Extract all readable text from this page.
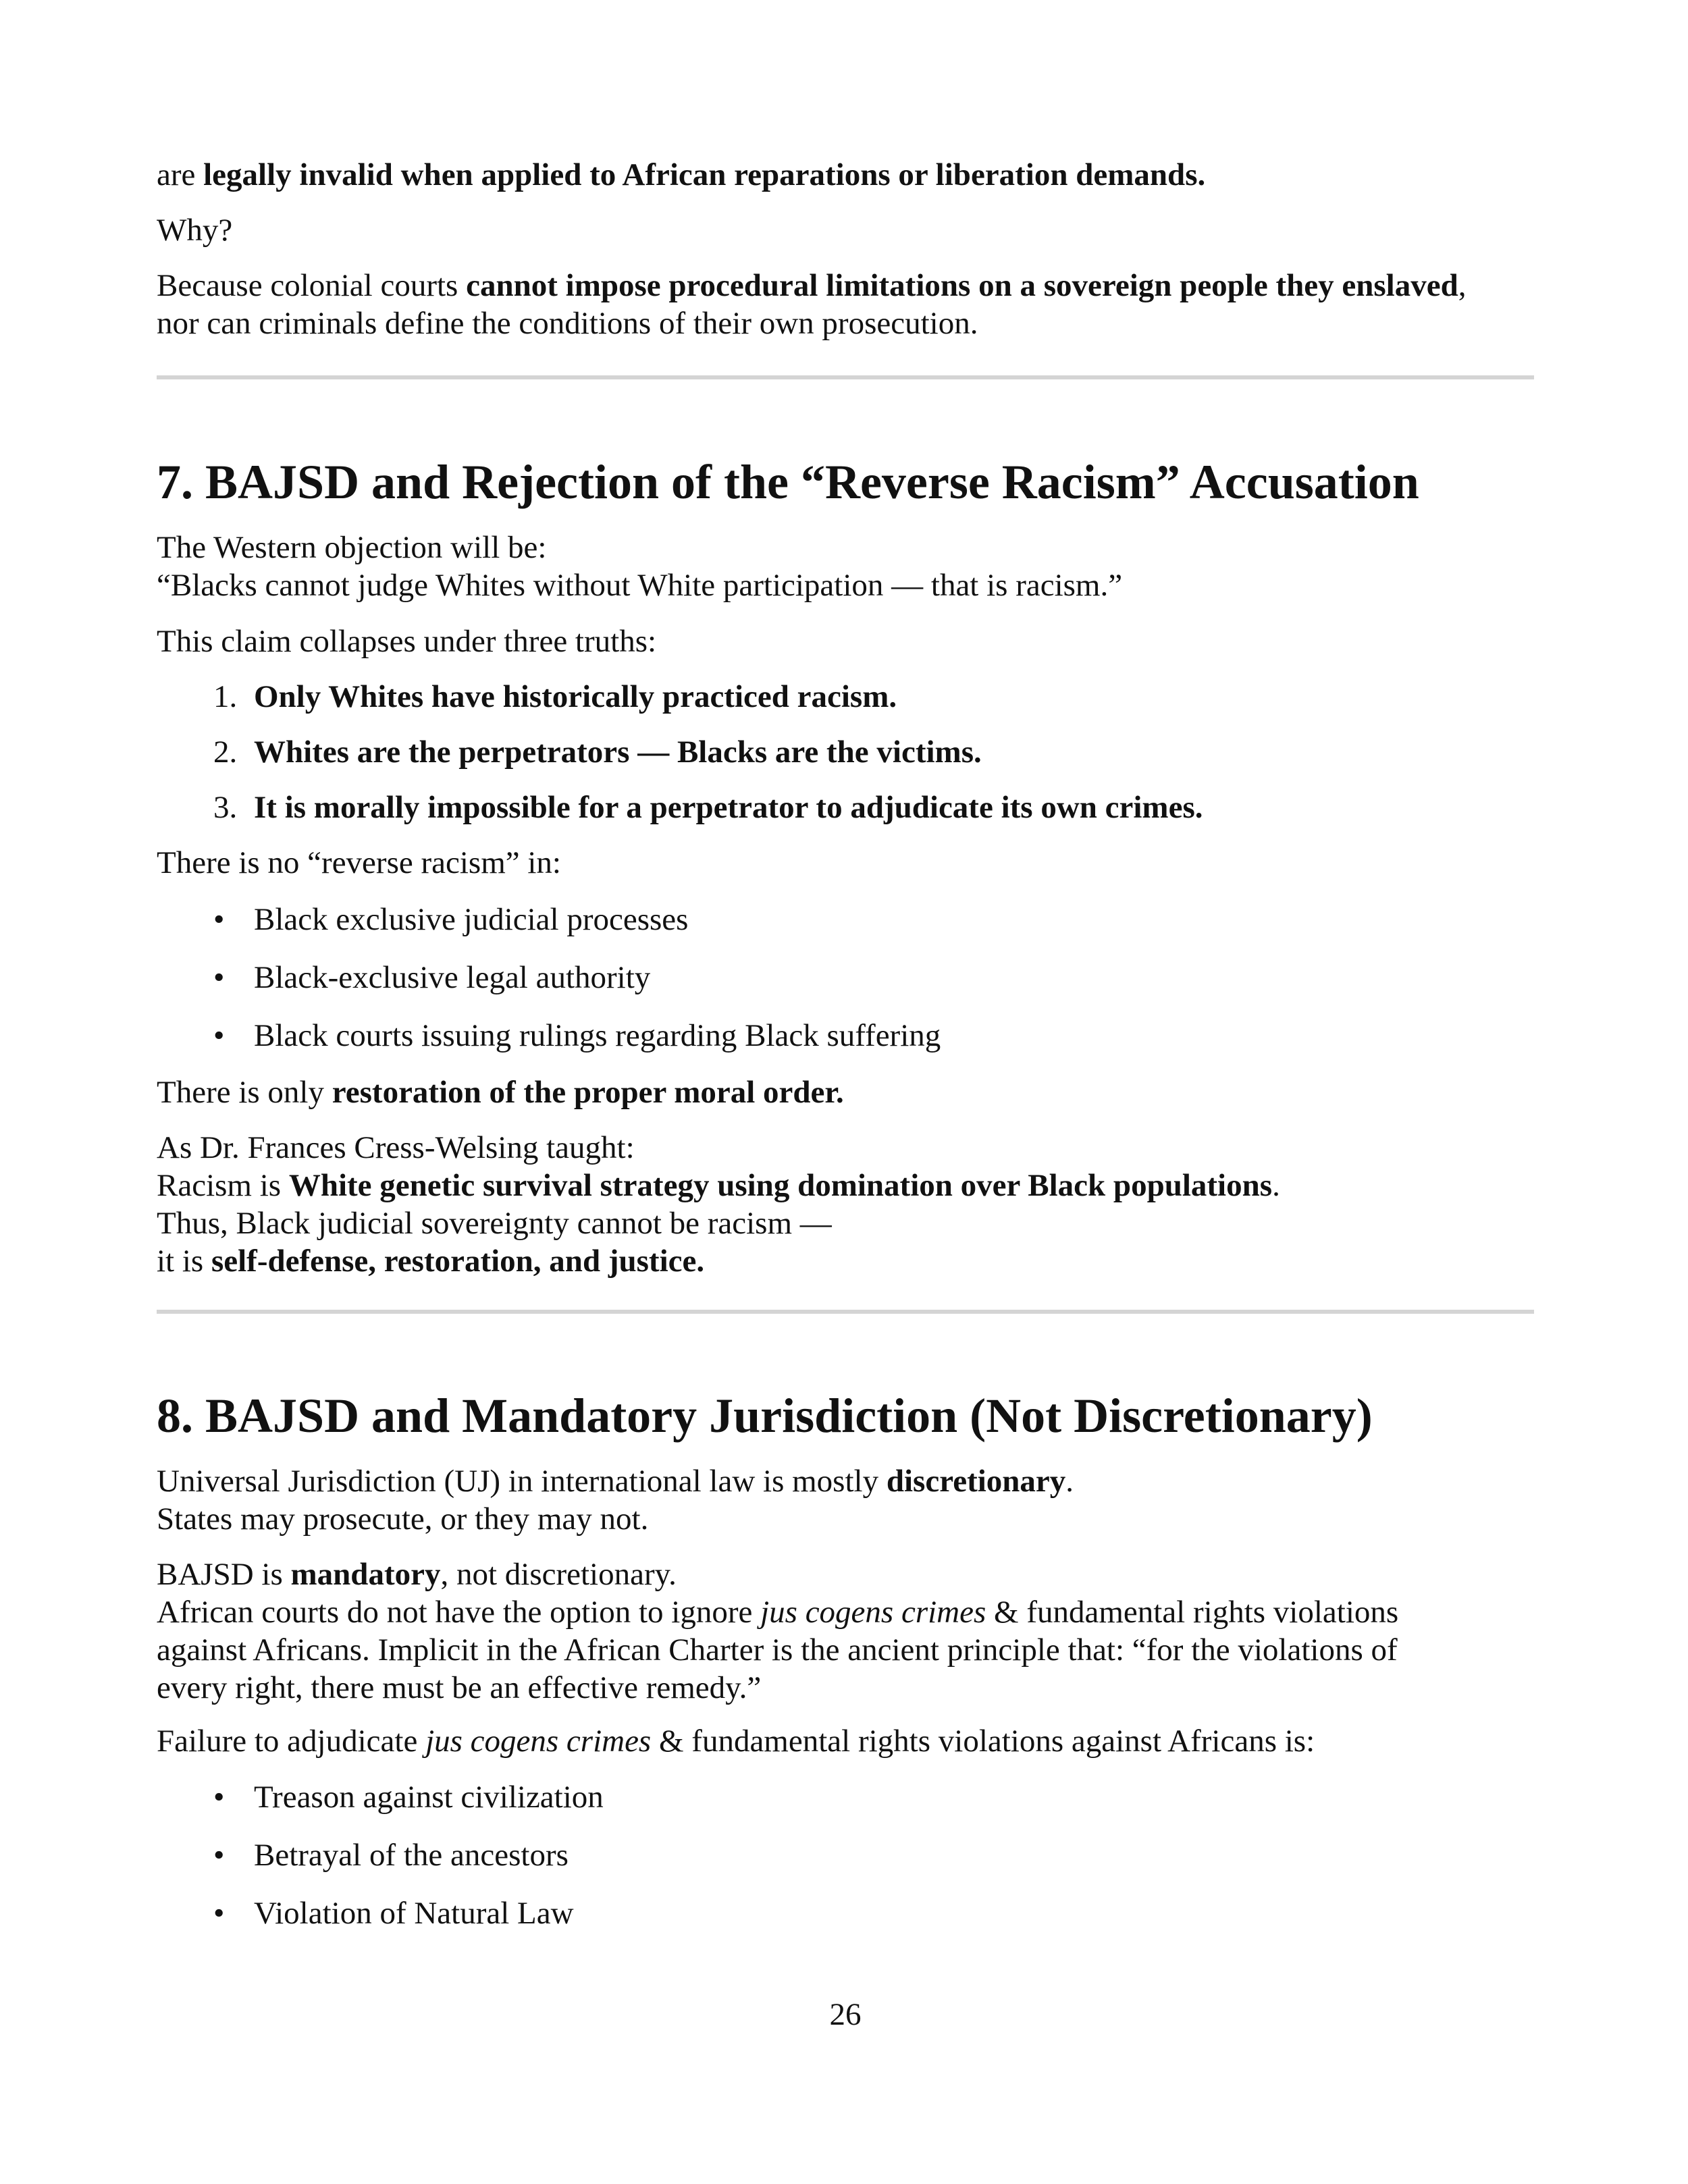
are legally invalid when applied to African reparations or liberation demands.

Why?

Because colonial courts cannot impose procedural limitations on a sovereign people they enslaved,
nor can criminals define the conditions of their own prosecution.

7. BAJSD and Rejection of the “Reverse Racism” Accusation

The Western objection will be:
“Blacks cannot judge Whites without White participation — that is racism.”

This claim collapses under three truths:

1. Only Whites have historically practiced racism.
2. Whites are the perpetrators — Blacks are the victims.
3. It is morally impossible for a perpetrator to adjudicate its own crimes.

There is no “reverse racism” in:

• Black exclusive judicial processes
• Black-exclusive legal authority
• Black courts issuing rulings regarding Black suffering

There is only restoration of the proper moral order.

As Dr. Frances Cress-Welsing taught:
Racism is White genetic survival strategy using domination over Black populations.
Thus, Black judicial sovereignty cannot be racism —
it is self-defense, restoration, and justice.

8. BAJSD and Mandatory Jurisdiction (Not Discretionary)

Universal Jurisdiction (UJ) in international law is mostly discretionary.
States may prosecute, or they may not.

BAJSD is mandatory, not discretionary.
African courts do not have the option to ignore jus cogens crimes & fundamental rights violations
against Africans. Implicit in the African Charter is the ancient principle that: “for the violations of
every right, there must be an effective remedy.”

Failure to adjudicate jus cogens crimes & fundamental rights violations against Africans is:

• Treason against civilization
• Betrayal of the ancestors
• Violation of Natural Law
26
